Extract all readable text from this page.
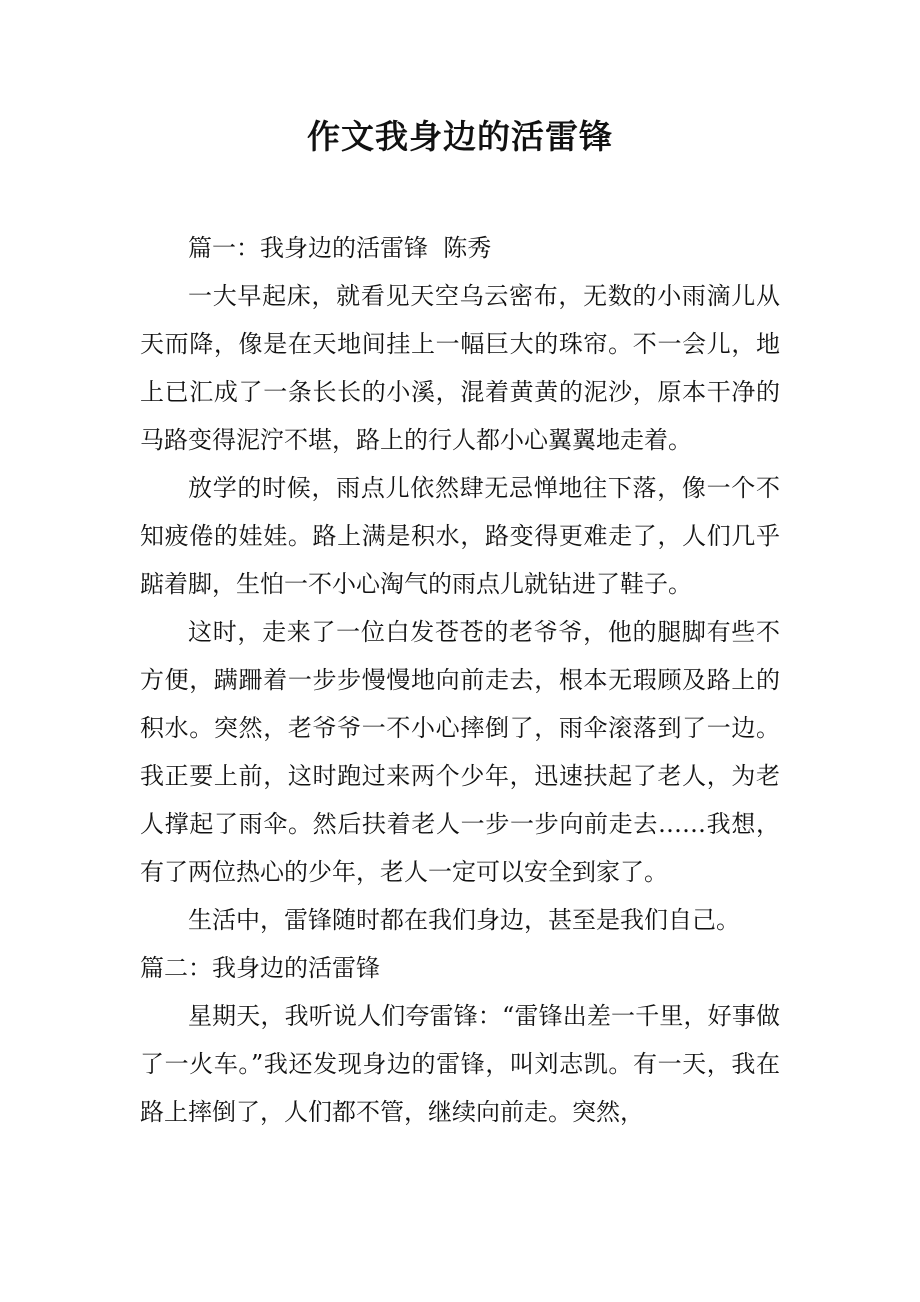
作文我身边的活雷锋

篇一：我身边的活雷锋  陈秀

一大早起床，就看见天空乌云密布，无数的小雨滴儿从天而降，像是在天地间挂上一幅巨大的珠帘。不一会儿，地上已汇成了一条长长的小溪，混着黄黄的泥沙，原本干净的马路变得泥泞不堪，路上的行人都小心翼翼地走着。

放学的时候，雨点儿依然肆无忌惮地往下落，像一个不知疲倦的娃娃。路上满是积水，路变得更难走了，人们几乎踮着脚，生怕一不小心淘气的雨点儿就钻进了鞋子。

这时，走来了一位白发苍苍的老爷爷，他的腿脚有些不方便，蹒跚着一步步慢慢地向前走去，根本无瑕顾及路上的积水。突然，老爷爷一不小心摔倒了，雨伞滚落到了一边。我正要上前，这时跑过来两个少年，迅速扶起了老人，为老人撑起了雨伞。然后扶着老人一步一步向前走去……我想，有了两位热心的少年，老人一定可以安全到家了。

生活中，雷锋随时都在我们身边，甚至是我们自己。

篇二：我身边的活雷锋

星期天，我听说人们夸雷锋：“雷锋出差一千里，好事做了一火车。”我还发现身边的雷锋，叫刘志凯。有一天，我在路上摔倒了，人们都不管，继续向前走。突然，
